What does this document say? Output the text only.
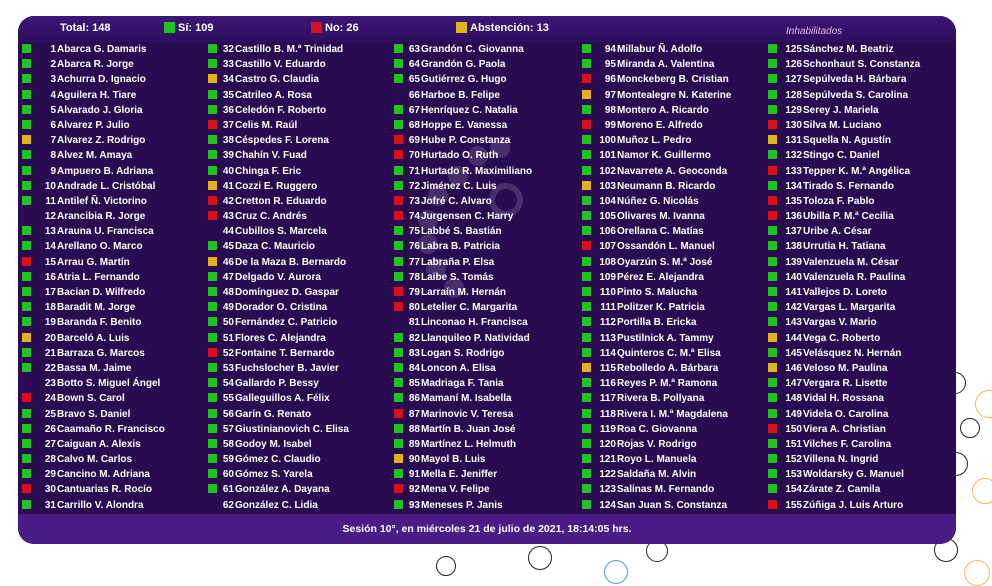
Total: 148	Sí: 109	No: 26	Abstención: 13	Inhabilitados
1Abarca G. Damaris
2Abarca R. Jorge
3Achurra D. Ignacio
4Aguilera H. Tiare
5Alvarado J. Gloria
6Alvarez P. Julio
7Alvarez Z. Rodrigo
8Alvez M. Amaya
9Ampuero B. Adriana
10Andrade L. Cristóbal
11Antilef Ñ. Victorino
12Arancibia R. Jorge
13Arauna U. Francisca
14Arellano O. Marco
15Arrau G. Martín
16Atria L. Fernando
17Bacian D. Wilfredo
18Baradit M. Jorge
19Baranda F. Benito
20Barceló A. Luis
21Barraza G. Marcos
22Bassa M. Jaime
23Botto S. Miguel Ángel
24Bown S. Carol
25Bravo S. Daniel
26Caamaño R. Francisco
27Caiguan A. Alexis
28Calvo M. Carlos
29Cancino M. Adriana
30Cantuarias R. Rocío
31Carrillo V. Alondra
32Castillo B. M.ª Trinidad
33Castillo V. Eduardo
34Castro G. Claudia
35Catrileo A. Rosa
36Celedón F. Roberto
37Celis M. Raúl
38Céspedes F. Lorena
39Chahín V. Fuad
40Chinga F. Eric
41Cozzi E. Ruggero
42Cretton R. Eduardo
43Cruz C. Andrés
44Cubillos S. Marcela
45Daza C. Mauricio
46De la Maza B. Bernardo
47Delgado V. Aurora
48Domínguez D. Gaspar
49Dorador O. Cristina
50Fernández C. Patricio
51Flores C. Alejandra
52Fontaine T. Bernardo
53Fuchslocher B. Javier
54Gallardo P. Bessy
55Galleguillos A. Félix
56Garín G. Renato
57Giustinianovich C. Elisa
58Godoy M. Isabel
59Gómez C. Claudio
60Gómez S. Yarela
61González A. Dayana
62González C. Lidia
63Grandón C. Giovanna
64Grandón G. Paola
65Gutiérrez G. Hugo
66Harboe B. Felipe
67Henríquez C. Natalia
68Hoppe E. Vanessa
69Hube P. Constanza
70Hurtado O. Ruth
71Hurtado R. Maximiliano
72Jiménez C. Luis
73Jofré C. Alvaro
74Jurgensen C. Harry
75Labbé S. Bastián
76Labra B. Patricia
77Labraña P. Elsa
78Laibe S. Tomás
79Larraín M. Hernán
80Letelier C. Margarita
81Linconao H. Francisca
82Llanquileo P. Natividad
83Logan S. Rodrigo
84Loncon A. Elisa
85Madriaga F. Tania
86Mamaní M. Isabella
87Marinovic V. Teresa
88Martín B. Juan José
89Martínez L. Helmuth
90Mayol B. Luis
91Mella E. Jeniffer
92Mena V. Felipe
93Meneses P. Janis
94Millabur Ñ. Adolfo
95Miranda A. Valentina
96Monckeberg B. Cristian
97Montealegre N. Katerine
98Montero A. Ricardo
99Moreno E. Alfredo
100Muñoz L. Pedro
101Namor K. Guillermo
102Navarrete A. Geoconda
103Neumann B. Ricardo
104Núñez G. Nicolás
105Olivares M. Ivanna
106Orellana C. Matías
107Ossandón L. Manuel
108Oyarzún S. M.ª José
109Pérez E. Alejandra
110Pinto S. Malucha
111Politzer K. Patricia
112Portilla B. Ericka
113Pustilnick A. Tammy
114Quinteros C. M.ª Elisa
115Rebolledo A. Bárbara
116Reyes P. M.ª Ramona
117Rivera B. Pollyana
118Rivera I. M.ª Magdalena
119Roa C. Giovanna
120Rojas V. Rodrigo
121Royo L. Manuela
122Saldaña M. Alvin
123Salinas M. Fernando
124San Juan S. Constanza
125Sánchez M. Beatriz
126Schonhaut S. Constanza
127Sepúlveda H. Bárbara
128Sepúlveda S. Carolina
129Serey J. Mariela
130Silva M. Luciano
131Squella N. Agustín
132Stingo C. Daniel
133Tepper K. M.ª Angélica
134Tirado S. Fernando
135Toloza F. Pablo
136Ubilla P. M.ª Cecilia
137Uribe A. César
138Urrutia H. Tatiana
139Valenzuela M. César
140Valenzuela R. Paulina
141Vallejos D. Loreto
142Vargas L. Margarita
143Vargas V. Mario
144Vega C. Roberto
145Velásquez N. Hernán
146Veloso M. Paulina
147Vergara R. Lisette
148Vidal H. Rossana
149Videla O. Carolina
150Viera A. Christian
151Vilches F. Carolina
152Villena N. Ingrid
153Woldarsky G. Manuel
154Zárate Z. Camila
155Zúñiga J. Luis Arturo
Sesión 10°, en miércoles 21 de julio de 2021, 18:14:05 hrs.
